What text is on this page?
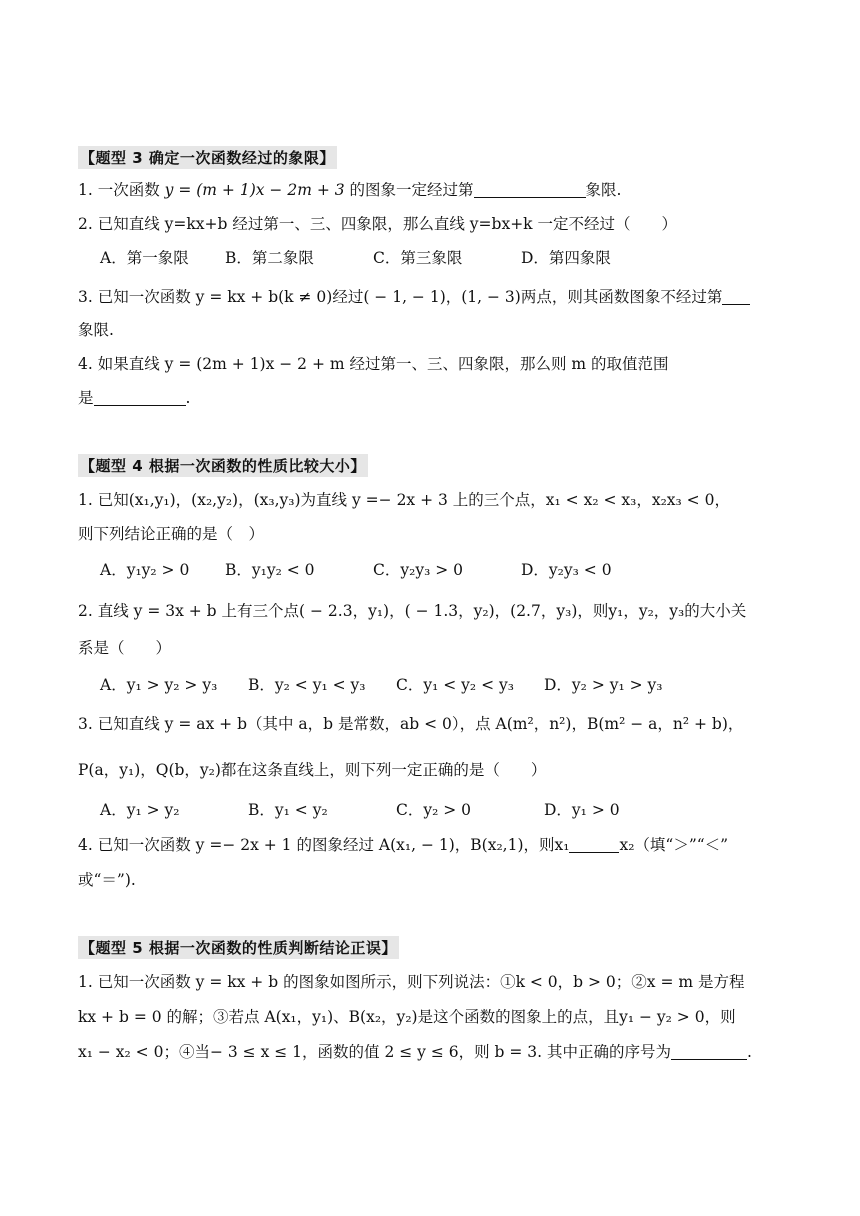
【题型 3 确定一次函数经过的象限】
1. 一次函数 y = (m + 1)x − 2m + 3 的图象一定经过第	象限.
2. 已知直线 y=kx+b 经过第一、三、四象限，那么直线 y=bx+k 一定不经过（　　）
A．第一象限 B．第二象限	C．第三象限	D．第四象限
3. 已知一次函数 y = kx + b(k ≠ 0)经过( − 1, − 1)，(1, − 3)两点，则其函数图象不经过第
象限.
4. 如果直线 y = (2m + 1)x − 2 + m 经过第一、三、四象限，那么则 m 的取值范围
是	.
【题型 4 根据一次函数的性质比较大小】
1. 已知(x₁,y₁)，(x₂,y₂)，(x₃,y₃)为直线 y =− 2x + 3 上的三个点，x₁ < x₂ < x₃，x₂x₃ < 0，
则下列结论正确的是（　）
A．y₁y₂ > 0 B．y₁y₂ < 0	C．y₂y₃ > 0	D．y₂y₃ < 0
2. 直线 y = 3x + b 上有三个点( − 2.3，y₁)，( − 1.3，y₂)，(2.7，y₃)，则y₁，y₂，y₃的大小关
系是（　　）
A．y₁ > y₂ > y₃ B．y₂ < y₁ < y₃ C．y₁ < y₂ < y₃ D．y₂ > y₁ > y₃
3. 已知直线 y = ax + b（其中 a，b 是常数，ab < 0），点 A(m²，n²)，B(m² − a，n² + b)，
P(a，y₁)，Q(b，y₂)都在这条直线上，则下列一定正确的是（　　）
A．y₁ > y₂	B．y₁ < y₂	C．y₂ > 0	D．y₁ > 0
4. 已知一次函数 y =− 2x + 1 的图象经过 A(x₁, − 1)，B(x₂,1)，则x₁	x₂（填“＞”“＜”
或“＝”).
【题型 5 根据一次函数的性质判断结论正误】
1. 已知一次函数 y = kx + b 的图象如图所示，则下列说法：①k < 0，b > 0；②x = m 是方程
kx + b = 0 的解；③若点 A(x₁，y₁)、B(x₂，y₂)是这个函数的图象上的点，且y₁ − y₂ > 0，则
x₁ − x₂ < 0；④当− 3 ≤ x ≤ 1，函数的值 2 ≤ y ≤ 6，则 b = 3. 其中正确的序号为	.
